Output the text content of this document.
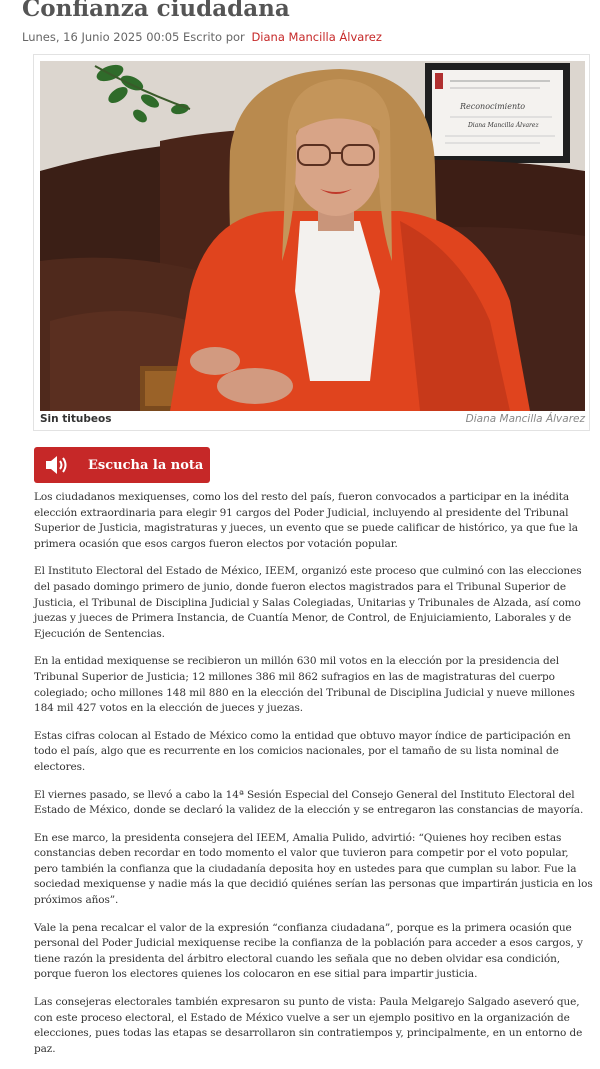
Confianza ciudadana
Lunes, 16 Junio 2025 00:05 Escrito por Diana Mancilla Álvarez
Reconocimiento
Diana Mancilla Álvarez
Sin titubeos	Diana Mancilla Álvarez
Escucha la nota

Los ciudadanos mexiquenses, como los del resto del país, fueron convocados a participar en la inédita elección extraordinaria para elegir 91 cargos del Poder Judicial, incluyendo al presidente del Tribunal Superior de Justicia, magistraturas y jueces, un evento que se puede calificar de histórico, ya que fue la primera ocasión que esos cargos fueron electos por votación popular.

El Instituto Electoral del Estado de México, IEEM, organizó este proceso que culminó con las elecciones del pasado domingo primero de junio, donde fueron electos magistrados para el Tribunal Superior de Justicia, el Tribunal de Disciplina Judicial y Salas Colegiadas, Unitarias y Tribunales de Alzada, así como juezas y jueces de Primera Instancia, de Cuantía Menor, de Control, de Enjuiciamiento, Laborales y de Ejecución de Sentencias.

En la entidad mexiquense se recibieron un millón 630 mil votos en la elección por la presidencia del Tribunal Superior de Justicia; 12 millones 386 mil 862 sufragios en las de magistraturas del cuerpo colegiado; ocho millones 148 mil 880 en la elección del Tribunal de Disciplina Judicial y nueve millones 184 mil 427 votos en la elección de jueces y juezas.

Estas cifras colocan al Estado de México como la entidad que obtuvo mayor índice de participación en todo el país, algo que es recurrente en los comicios nacionales, por el tamaño de su lista nominal de electores.

El viernes pasado, se llevó a cabo la 14ª Sesión Especial del Consejo General del Instituto Electoral del Estado de México, donde se declaró la validez de la elección y se entregaron las constancias de mayoría.

En ese marco, la presidenta consejera del IEEM, Amalia Pulido, advirtió: “Quienes hoy reciben estas constancias deben recordar en todo momento el valor que tuvieron para competir por el voto popular, pero también la confianza que la ciudadanía deposita hoy en ustedes para que cumplan su labor. Fue la sociedad mexiquense y nadie más la que decidió quiénes serían las personas que impartirán justicia en los próximos años”.

Vale la pena recalcar el valor de la expresión “confianza ciudadana”, porque es la primera ocasión que personal del Poder Judicial mexiquense recibe la confianza de la población para acceder a esos cargos, y tiene razón la presidenta del árbitro electoral cuando les señala que no deben olvidar esa condición, porque fueron los electores quienes los colocaron en ese sitial para impartir justicia.

Las consejeras electorales también expresaron su punto de vista: Paula Melgarejo Salgado aseveró que, con este proceso electoral, el Estado de México vuelve a ser un ejemplo positivo en la organización de elecciones, pues todas las etapas se desarrollaron sin contratiempos y, principalmente, en un entorno de paz.
